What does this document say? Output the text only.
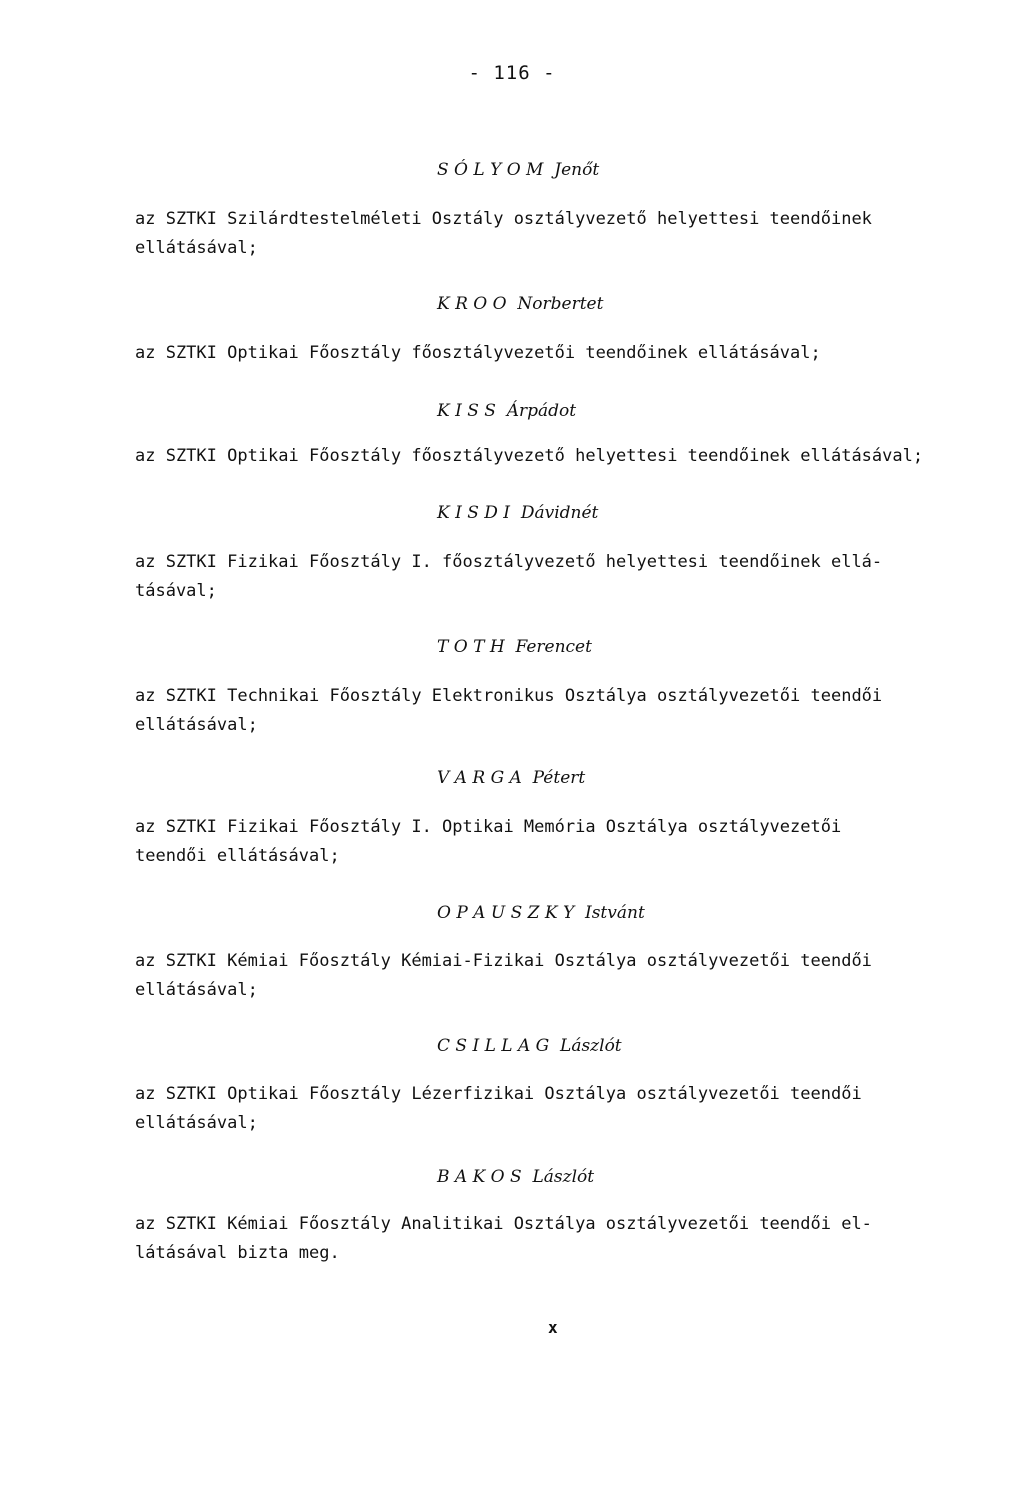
- 116 -
S Ó L Y O M  Jenőt
az SZTKI Szilárdtestelméleti Osztály osztályvezető helyettesi teendőinek
ellátásával;
K R O O  Norbertet
az SZTKI Optikai Főosztály főosztályvezetői teendőinek ellátásával;
K I S S  Árpádot
az SZTKI Optikai Főosztály főosztályvezető helyettesi teendőinek ellátásával;
K I S D I  Dávidnét
az SZTKI Fizikai Főosztály I. főosztályvezető helyettesi teendőinek ellá-
tásával;
T O T H  Ferencet
az SZTKI Technikai Főosztály Elektronikus Osztálya osztályvezetői teendői
ellátásával;
V A R G A  Pétert
az SZTKI Fizikai Főosztály I. Optikai Memória Osztálya osztályvezetői
teendői ellátásával;
O P A U S Z K Y  Istvánt
az SZTKI Kémiai Főosztály Kémiai-Fizikai Osztálya osztályvezetői teendői
ellátásával;
C S I L L A G  Lászlót
az SZTKI Optikai Főosztály Lézerfizikai Osztálya osztályvezetői teendői
ellátásával;
B A K O S  Lászlót
az SZTKI Kémiai Főosztály Analitikai Osztálya osztályvezetői teendői el-
látásával bizta meg.
x
